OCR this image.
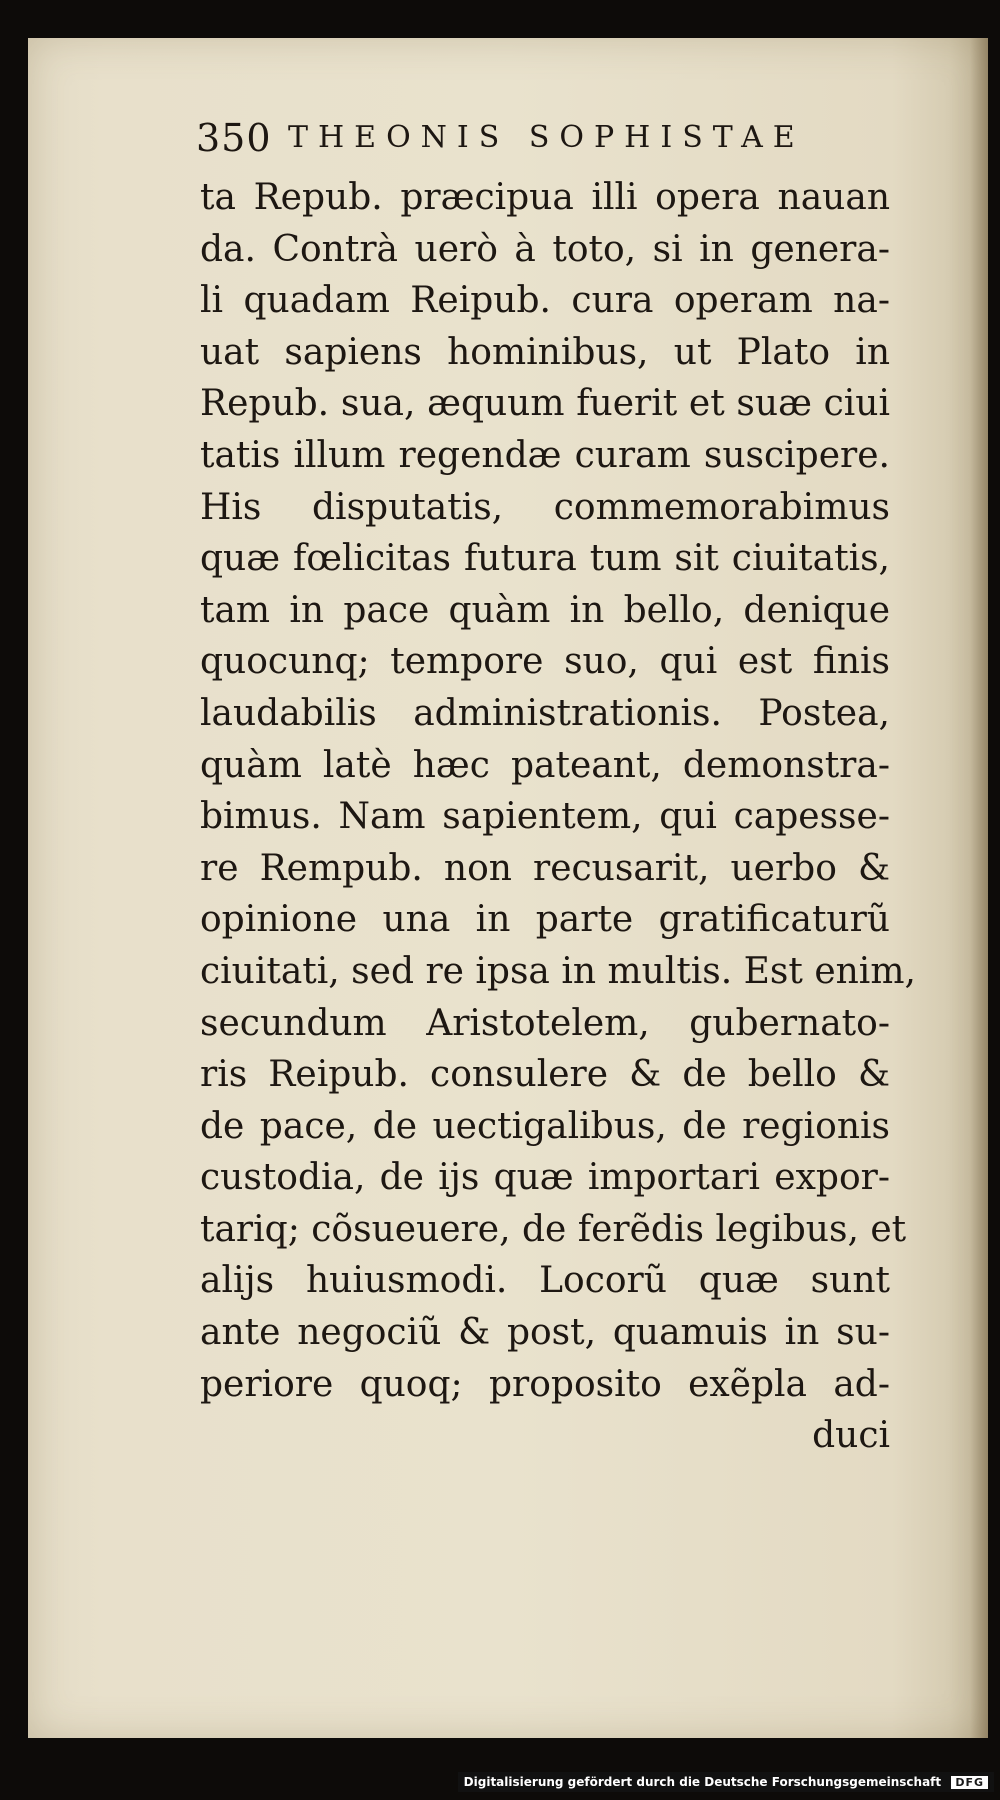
350 THEONIS SOPHISTAE
ta Repub. præcipua illi opera nauan
da. Contrà uerò à toto, si in genera-
li quadam Reipub. cura operam na-
uat sapiens hominibus, ut Plato in
Repub. sua, æquum fuerit et suæ ciui
tatis illum regendæ curam suscipere.
His disputatis, commemorabimus
quæ fœlicitas futura tum sit ciuitatis,
tam in pace quàm in bello, denique
quocunq; tempore suo, qui est finis
laudabilis administrationis. Postea,
quàm latè hæc pateant, demonstra-
bimus. Nam sapientem, qui capesse-
re Rempub. non recusarit, uerbo &
opinione una in parte gratificaturũ
ciuitati, sed re ipsa in multis. Est enim,
secundum Aristotelem, gubernato-
ris Reipub. consulere & de bello &
de pace, de uectigalibus, de regionis
custodia, de ijs quæ importari expor-
tariq; cõsueuere, de ferẽdis legibus, et
alijs huiusmodi. Locorũ quæ sunt
ante negociũ & post, quamuis in su-
periore quoq; proposito exẽpla ad-
duci
Digitalisierung gefördert durch die Deutsche Forschungsgemeinschaft DFG
